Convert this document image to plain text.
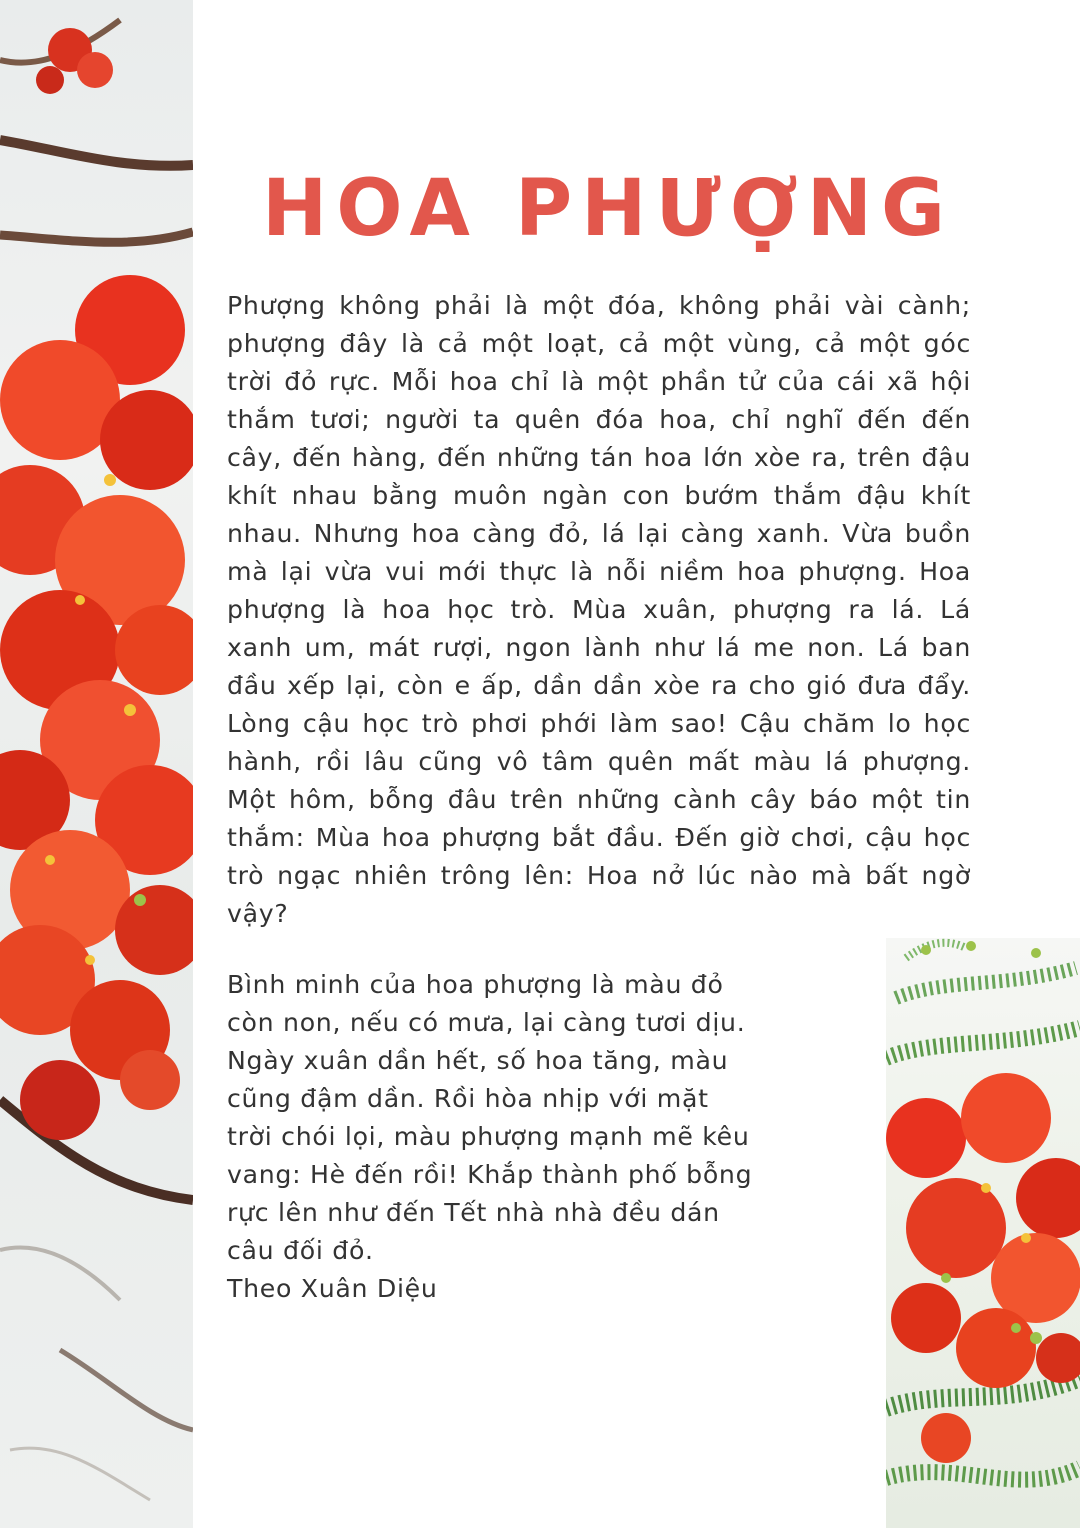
HOA PHƯỢNG

Phượng không phải là một đóa, không phải vài cành; phượng đây là cả một loạt, cả một vùng, cả một góc trời đỏ rực. Mỗi hoa chỉ là một phần tử của cái xã hội thắm tươi; người ta quên đóa hoa, chỉ nghĩ đến đến cây, đến hàng, đến những tán hoa lớn xòe ra, trên đậu khít nhau bằng muôn ngàn con bướm thắm đậu khít nhau. Nhưng hoa càng đỏ, lá lại càng xanh. Vừa buồn mà lại vừa vui mới thực là nỗi niềm hoa phượng. Hoa phượng là hoa học trò. Mùa xuân, phượng ra lá. Lá xanh um, mát rượi, ngon lành như lá me non. Lá ban đầu xếp lại, còn e ấp, dần dần xòe ra cho gió đưa đẩy. Lòng cậu học trò phơi phới làm sao! Cậu chăm lo học hành, rồi lâu cũng vô tâm quên mất màu lá phượng. Một hôm, bỗng đâu trên những cành cây báo một tin thắm: Mùa hoa phượng bắt đầu. Đến giờ chơi, cậu học trò ngạc nhiên trông lên: Hoa nở lúc nào mà bất ngờ vậy?

Bình minh của hoa phượng là màu đỏ
còn non, nếu có mưa, lại càng tươi dịu.
Ngày xuân dần hết, số hoa tăng, màu
cũng đậm dần. Rồi hòa nhịp với mặt
trời chói lọi, màu phượng mạnh mẽ kêu
vang: Hè đến rồi! Khắp thành phố bỗng
rực lên như đến Tết nhà nhà đều dán
câu đối đỏ.

Theo Xuân Diệu
